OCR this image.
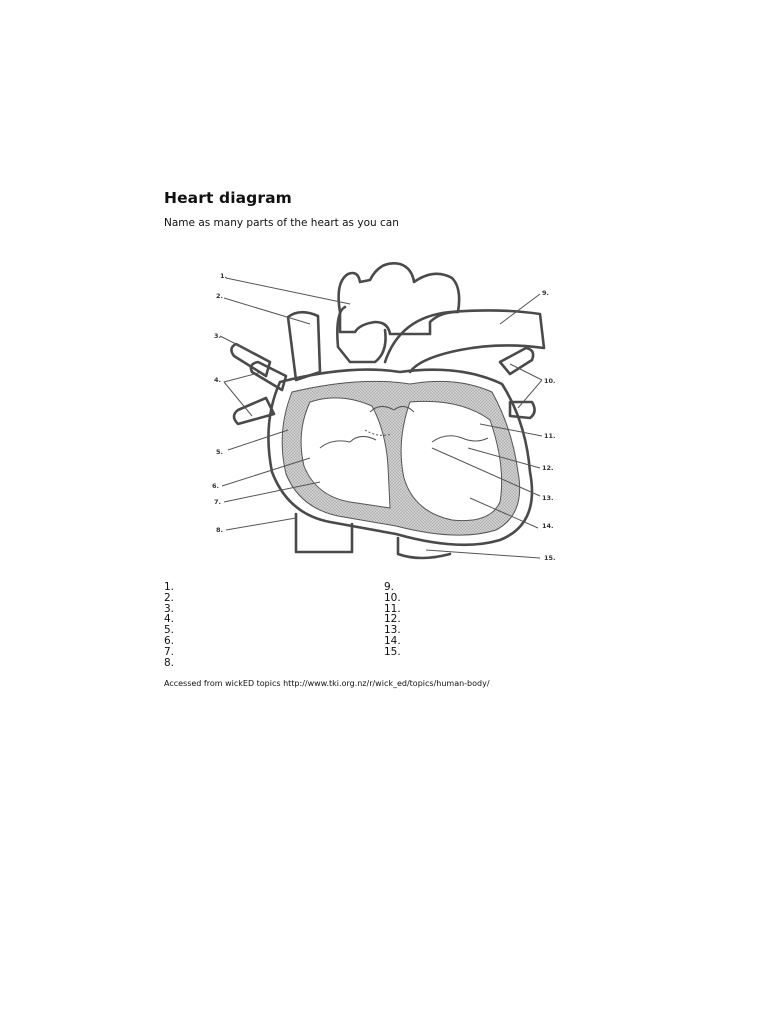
Heart diagram
Name as many parts of the heart as you can
1.
2.
3.
4.
5.
6.
7.
8.
9.
10.
11.
12.
13.
14.
15.
1.
2.
3.
4.
5.
6.
7.
8.
9.
10.
11.
12.
13.
14.
15.
Accessed from wickED topics http://www.tki.org.nz/r/wick_ed/topics/human-body/
